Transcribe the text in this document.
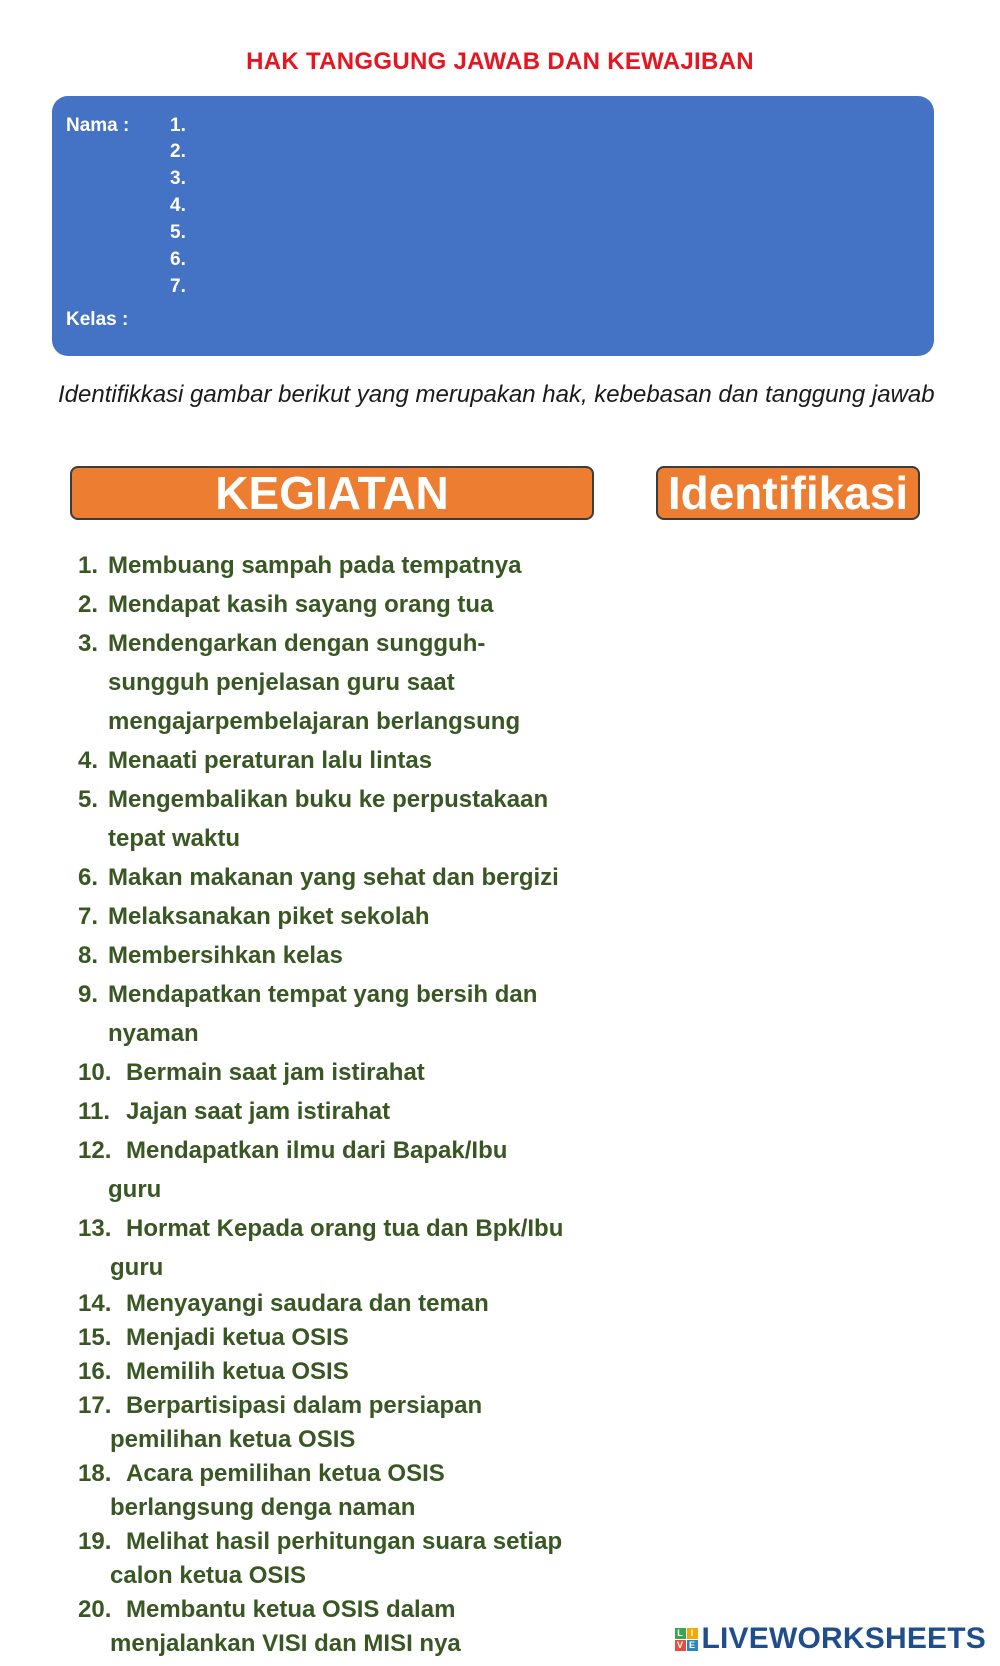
HAK TANGGUNG JAWAB DAN KEWAJIBAN
Nama : 1.
2.
3.
4.
5.
6.
7.
Kelas :
Identifikkasi gambar berikut yang merupakan hak, kebebasan dan tanggung jawab
KEGIATAN	Identifikasi
1. Membuang sampah pada tempatnya
2. Mendapat kasih sayang orang tua
3. Mendengarkan dengan sungguh-
sungguh penjelasan guru saat
mengajarpembelajaran berlangsung
4. Menaati peraturan lalu lintas
5. Mengembalikan buku ke perpustakaan
tepat waktu
6. Makan makanan yang sehat dan bergizi
7. Melaksanakan piket sekolah
8. Membersihkan kelas
9. Mendapatkan tempat yang bersih dan
nyaman
10. Bermain saat jam istirahat
11. Jajan saat jam istirahat
12. Mendapatkan ilmu dari Bapak/Ibu
guru
13. Hormat Kepada orang tua dan Bpk/Ibu
guru
14. Menyayangi saudara dan teman
15. Menjadi ketua OSIS
16. Memilih ketua OSIS
17. Berpartisipasi dalam persiapan
pemilihan ketua OSIS
18. Acara pemilihan ketua OSIS
berlangsung denga naman
19. Melihat hasil perhitungan suara setiap
calon ketua OSIS
20. Membantu ketua OSIS dalam
menjalankan VISI dan MISI nya	L I
V E LIVEWORKSHEETS
